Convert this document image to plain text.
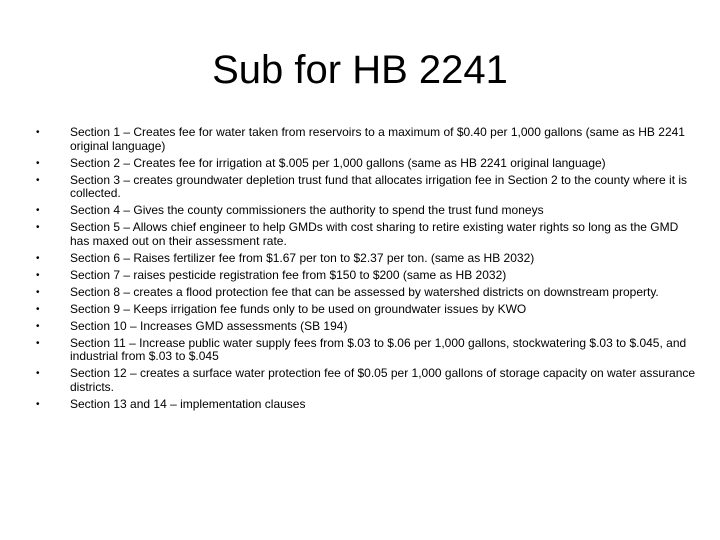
Sub for HB 2241
•	Section 1 – Creates fee for water taken from reservoirs to a maximum of $0.40 per 1,000 gallons (same as HB 2241 original language)
•	Section 2 – Creates fee for irrigation at $.005 per 1,000 gallons (same as HB 2241 original language)
•	Section 3 – creates groundwater depletion trust fund that allocates irrigation fee in Section 2 to the county where it is collected.
•	Section 4 – Gives the county commissioners the authority to spend the trust fund moneys
•	Section 5 – Allows chief engineer to help GMDs with cost sharing to retire existing water rights so long as the GMD has maxed out on their assessment rate.
•	Section 6 – Raises fertilizer fee from $1.67 per ton to $2.37 per ton. (same as HB 2032)
•	Section 7 – raises pesticide registration fee from $150 to $200 (same as HB 2032)
•	Section 8 – creates a flood protection fee that can be assessed by watershed districts on downstream property.
•	Section 9 – Keeps irrigation fee funds only to be used on groundwater issues by KWO
•	Section 10 – Increases GMD assessments (SB 194)
•	Section 11 – Increase public water supply fees from $.03 to $.06 per 1,000 gallons, stockwatering $.03 to $.045, and industrial from $.03 to $.045
•	Section 12 – creates a surface water protection fee of $0.05 per 1,000 gallons of storage capacity on water assurance districts.
•	Section 13 and 14 – implementation clauses
